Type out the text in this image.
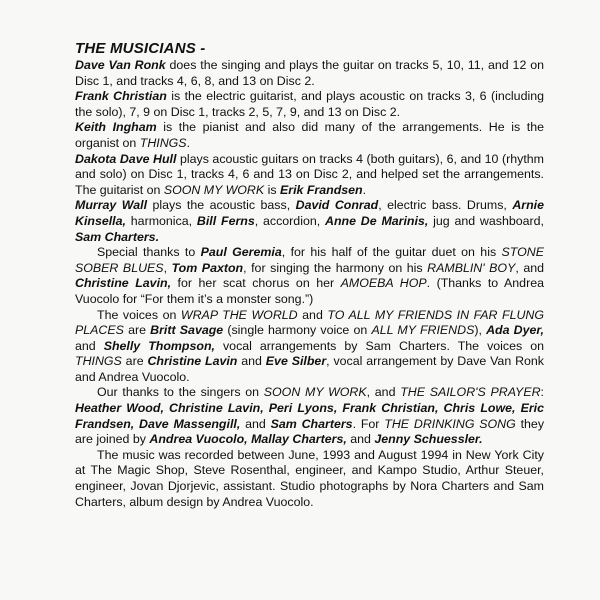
THE MUSICIANS -

Dave Van Ronk does the singing and plays the guitar on tracks 5, 10, 11, and 12 on Disc 1, and tracks 4, 6, 8, and 13 on Disc 2.

Frank Christian is the electric guitarist, and plays acoustic on tracks 3, 6 (including the solo), 7, 9 on Disc 1, tracks 2, 5, 7, 9, and 13 on Disc 2.

Keith Ingham is the pianist and also did many of the arrangements. He is the organist on THINGS.

Dakota Dave Hull plays acoustic guitars on tracks 4 (both guitars), 6, and 10 (rhythm and solo) on Disc 1, tracks 4, 6 and 13 on Disc 2, and helped set the arrangements. The guitarist on SOON MY WORK is Erik Frandsen.

Murray Wall plays the acoustic bass, David Conrad, electric bass. Drums, Arnie Kinsella, harmonica, Bill Ferns, accordion, Anne De Marinis, jug and washboard, Sam Charters.

Special thanks to Paul Geremia, for his half of the guitar duet on his STONE SOBER BLUES, Tom Paxton, for singing the harmony on his RAMBLIN' BOY, and Christine Lavin, for her scat chorus on her AMOEBA HOP. (Thanks to Andrea Vuocolo for “For them it’s a monster song.”)

The voices on WRAP THE WORLD and TO ALL MY FRIENDS IN FAR FLUNG PLACES are Britt Savage (single harmony voice on ALL MY FRIENDS), Ada Dyer, and Shelly Thompson, vocal arrangements by Sam Charters. The voices on THINGS are Christine Lavin and Eve Silber, vocal arrangement by Dave Van Ronk and Andrea Vuocolo.

Our thanks to the singers on SOON MY WORK, and THE SAILOR'S PRAYER: Heather Wood, Christine Lavin, Peri Lyons, Frank Christian, Chris Lowe, Eric Frandsen, Dave Massengill, and Sam Charters. For THE DRINKING SONG they are joined by Andrea Vuocolo, Mallay Charters, and Jenny Schuessler.

The music was recorded between June, 1993 and August 1994 in New York City at The Magic Shop, Steve Rosenthal, engineer, and Kampo Studio, Arthur Steuer, engineer, Jovan Djorjevic, assistant. Studio photographs by Nora Charters and Sam Charters, album design by Andrea Vuocolo.
